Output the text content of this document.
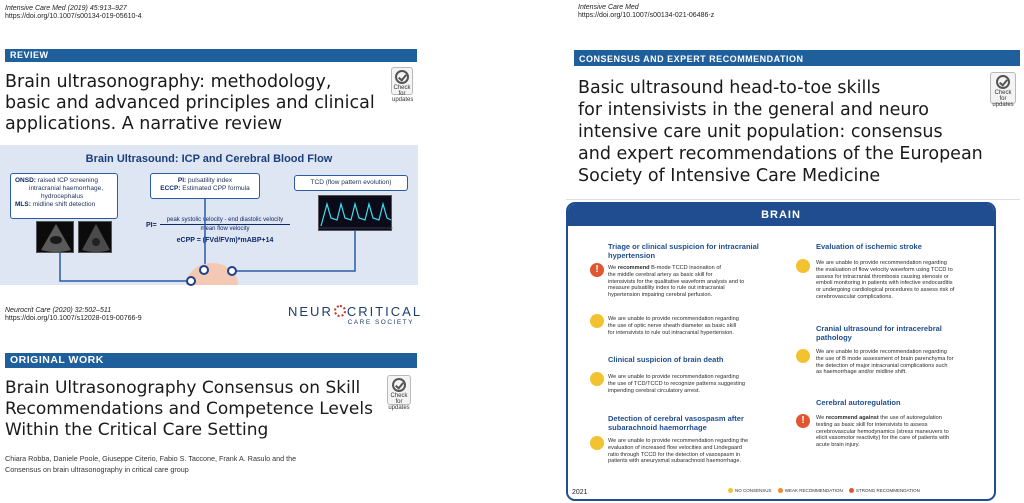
Intensive Care Med (2019) 45:913–927
https://doi.org/10.1007/s00134-019-05610-4
REVIEW
Check for
updates
Brain ultrasonography: methodology,
basic and advanced principles and clinical
applications. A narrative review
Brain Ultrasound: ICP and Cerebral Blood Flow
ONSD: raised ICP screening
intracranial haemorrhage,
hydrocephalus
MLS: midline shift detection
PI: pulsatility index
ECCP: Estimated CPP formula
TCD (flow pattern evolution)
PI=
peak systolic velocity - end diastolic velocity
mean flow velocity
eCPP = (FVd/FVm)*mABP+14
Neurocrit Care (2020) 32:502–511
https://doi.org/10.1007/s12028-019-00766-9	NEUR CRITICAL
CARE SOCIETY
ORIGINAL WORK
Check for
updates
Brain Ultrasonography Consensus on Skill
Recommendations and Competence Levels
Within the Critical Care Setting
Chiara Robba, Daniele Poole, Giuseppe Citerio, Fabio S. Taccone, Frank A. Rasulo and the
Consensus on brain ultrasonography in critical care group
Intensive Care Med
https://doi.org/10.1007/s00134-021-06486-z
CONSENSUS AND EXPERT RECOMMENDATION
Check for
updates
Basic ultrasound head-to-toe skills
for intensivists in the general and neuro
intensive care unit population: consensus
and expert recommendations of the European
Society of Intensive Care Medicine
BRAIN
Triage or clinical suspicion for intracranial
hypertension
!
We recommend B-mode TCCD insonation of
the middle cerebral artery as basic skill for
intensivists for the qualitative waveform analysis and to
measure pulsatility index to rule out intracranial
hypertension impairing cerebral perfusion.
We are unable to provide recommendation regarding
the use of optic nerve sheath diameter as basic skill
for intensivists to rule out intracranial hypertension.
Clinical suspicion of brain death
We are unable to provide recommendation regarding
the use of TCD/TCCD to recognize patterns suggesting
impending cerebral circulatory arrest.
Detection of cerebral vasospasm after
subarachnoid haemorrhage
We are unable to provide recommendation regarding the
evaluation of increased flow velocities and Lindegaard
ratio through TCCD for the detection of vasospasm in
patients with aneurysmal subarachnoid haemorrhage.
Evaluation of ischemic stroke
We are unable to provide recommendation regarding
the evaluation of flow velocity waveform using TCCD to
assess for intracranial thrombosis causing stenosis or
emboli monitoring in patients with infective endocarditis
or undergoing cardiological procedures to assess risk of
cerebrovascular complications.
Cranial ultrasound for intracerebral
pathology
We are unable to provide recommendation regarding
the use of B mode assessment of brain parenchyma for
the detection of major intracranial complications such
as haemorrhage and/or midline shift.
Cerebral autoregulation
!
We recommend against the use of autoregulation
testing as basic skill for intensivists to assess
cerebrovascular hemodynamics (stress maneuvers to
elicit vasomotor reactivity) for the care of patients with
acute brain injury.
NO CONSENSUS	WEAK RECOMMENDATION	STRONG RECOMMENDATION
2021
